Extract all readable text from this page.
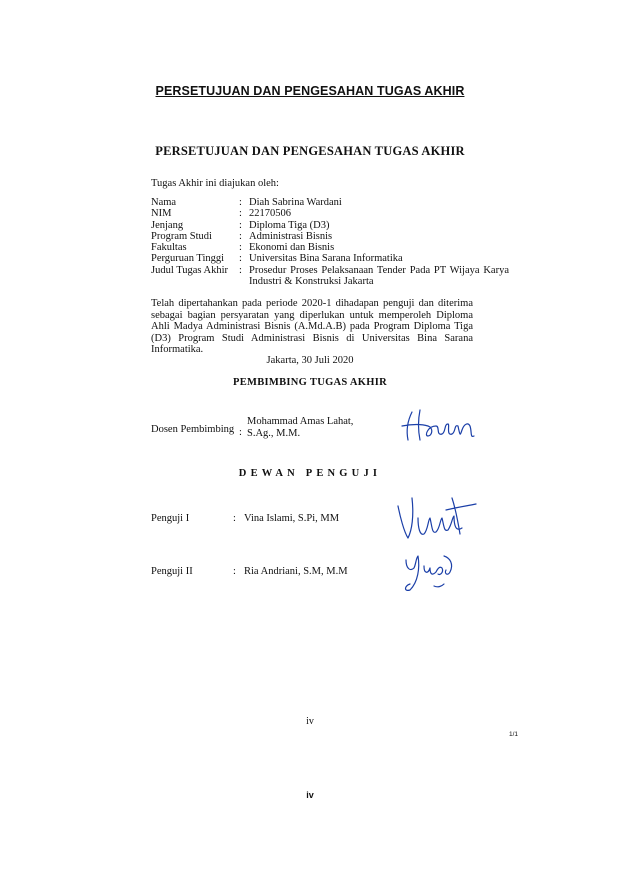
PERSETUJUAN DAN PENGESAHAN TUGAS AKHIR
PERSETUJUAN DAN PENGESAHAN TUGAS AKHIR
Tugas Akhir ini diajukan oleh:
Nama	: Diah Sabrina Wardani
NIM	: 22170506
Jenjang	: Diploma Tiga (D3)
Program Studi	: Administrasi Bisnis
Fakultas	: Ekonomi dan Bisnis
Perguruan Tinggi	: Universitas Bina Sarana Informatika
Judul Tugas Akhir	: Prosedur Proses Pelaksanaan Tender Pada PT Wijaya Karya Industri & Konstruksi Jakarta
Telah dipertahankan pada periode 2020-1 dihadapan penguji dan diterima sebagai bagian persyaratan yang diperlukan untuk memperoleh Diploma Ahli Madya Administrasi Bisnis (A.Md.A.B) pada Program Diploma Tiga (D3) Program Studi Administrasi Bisnis di Universitas Bina Sarana Informatika.
Jakarta, 30 Juli 2020
PEMBIMBING TUGAS AKHIR
Dosen Pembimbing :
Mohammad Amas Lahat, S.Ag., M.M.
DEWAN PENGUJI
Penguji I	: Vina Islami, S.Pi, MM
Penguji II	: Ria Andriani, S.M, M.M
iv
1/1
iv
